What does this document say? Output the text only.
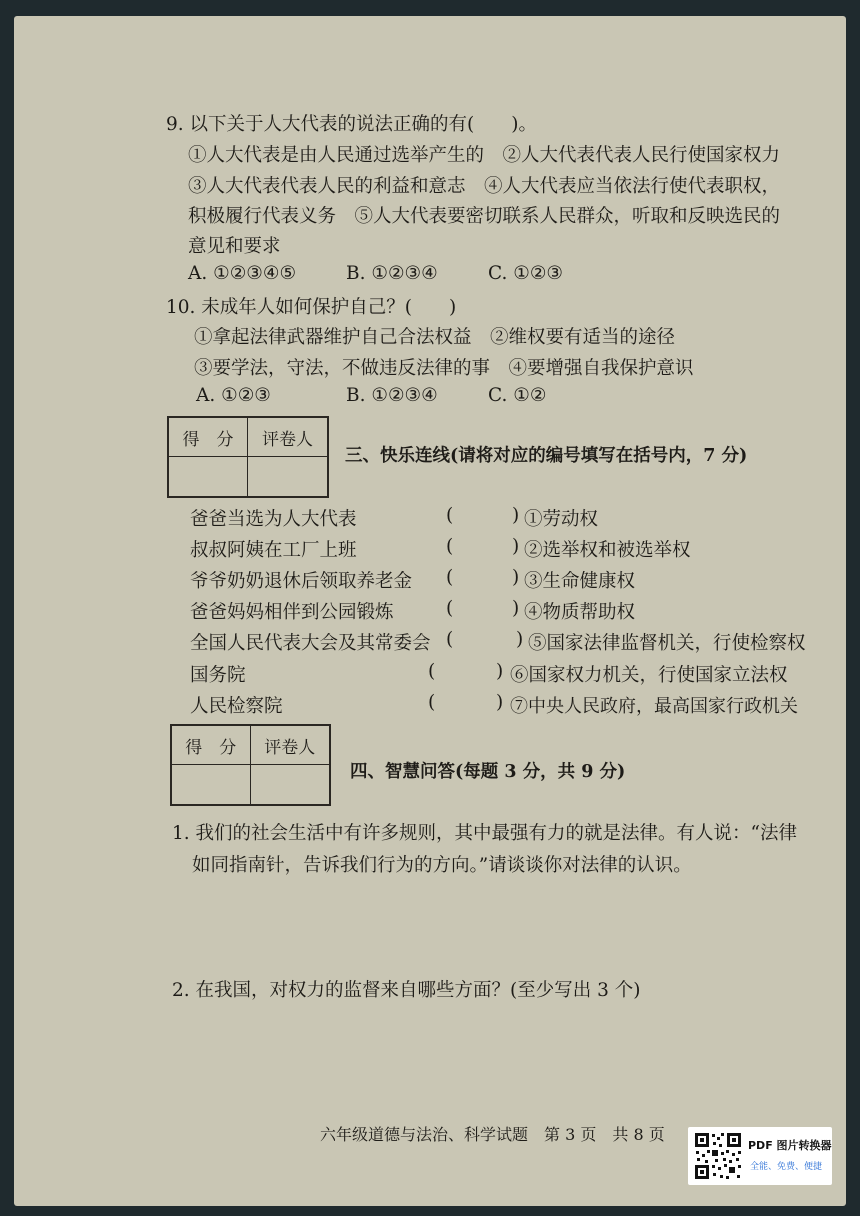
9. 以下关于人大代表的说法正确的有(　　)。
①人大代表是由人民通过选举产生的　②人大代表代表人民行使国家权力
③人大代表代表人民的利益和意志　④人大代表应当依法行使代表职权，
积极履行代表义务　⑤人大代表要密切联系人民群众，听取和反映选民的
意见和要求
A. ①②③④⑤	B. ①②③④	C. ①②③
10. 未成年人如何保护自己？(　　)
①拿起法律武器维护自己合法权益　②维权要有适当的途径
③要学法，守法，不做违反法律的事　④要增强自我保护意识
A. ①②③	B. ①②③④	C. ①②
得　分	评卷人
三、快乐连线(请将对应的编号填写在括号内，7 分)
爸爸当选为人大代表	(	) ①劳动权
叔叔阿姨在工厂上班	(	) ②选举权和被选举权
爷爷奶奶退休后领取养老金 (	) ③生命健康权
爸爸妈妈相伴到公园锻炼	(	) ④物质帮助权
全国人民代表大会及其常委会 (	) ⑤国家法律监督机关，行使检察权
国务院	(	) ⑥国家权力机关，行使国家立法权
人民检察院	(	) ⑦中央人民政府，最高国家行政机关
得　分	评卷人
四、智慧问答(每题 3 分，共 9 分)
1. 我们的社会生活中有许多规则，其中最强有力的就是法律。有人说：“法律
如同指南针，告诉我们行为的方向。”请谈谈你对法律的认识。
2. 在我国，对权力的监督来自哪些方面？(至少写出 3 个)
六年级道德与法治、科学试题　第 3 页　共 8 页
PDF 图片转换器
全能、免费、便捷
